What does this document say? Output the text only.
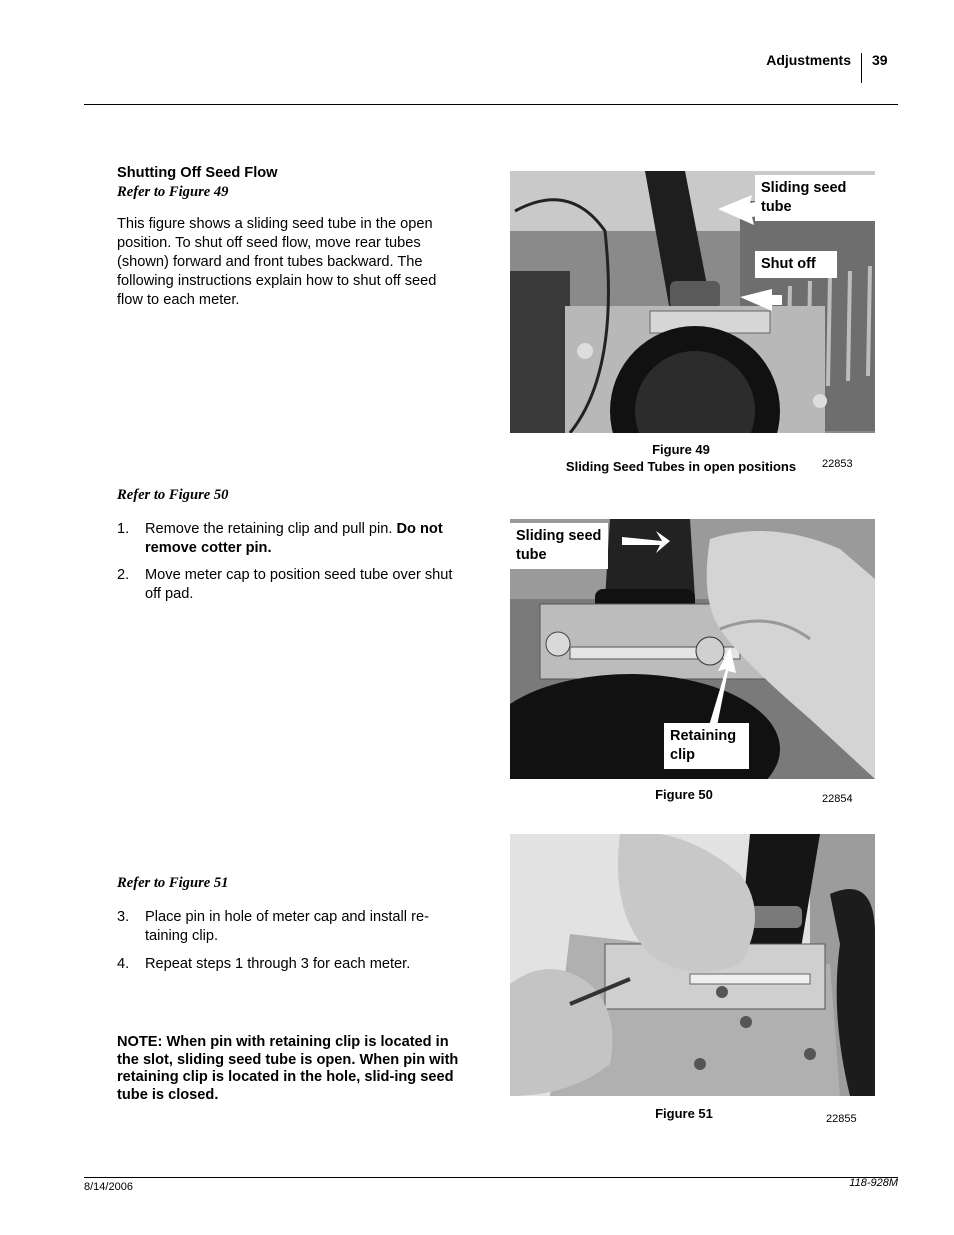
Adjustments 39
Shutting Off Seed Flow
Refer to Figure 49
This figure shows a sliding seed tube in the open position. To shut off seed flow, move rear tubes (shown) forward and front tubes backward. The following instructions explain how to shut off seed flow to each meter.
Refer to Figure 50
1.	Remove the retaining clip and pull pin. Do not remove cotter pin.
2.	Move meter cap to position seed tube over shut off pad.
Refer to Figure 51
3.	Place pin in hole of meter cap and install re-taining clip.
4.	Repeat steps 1 through 3 for each meter.
NOTE: When pin with retaining clip is located in the slot, sliding seed tube is open. When pin with retaining clip is located in the hole, slid-ing seed tube is closed.
Sliding seed tube
Shut off
Figure 49
Sliding Seed Tubes in open positions	22853
Sliding seed tube
Retaining clip
Figure 50	22854
Figure 51	22855
8/14/2006	118-928M
